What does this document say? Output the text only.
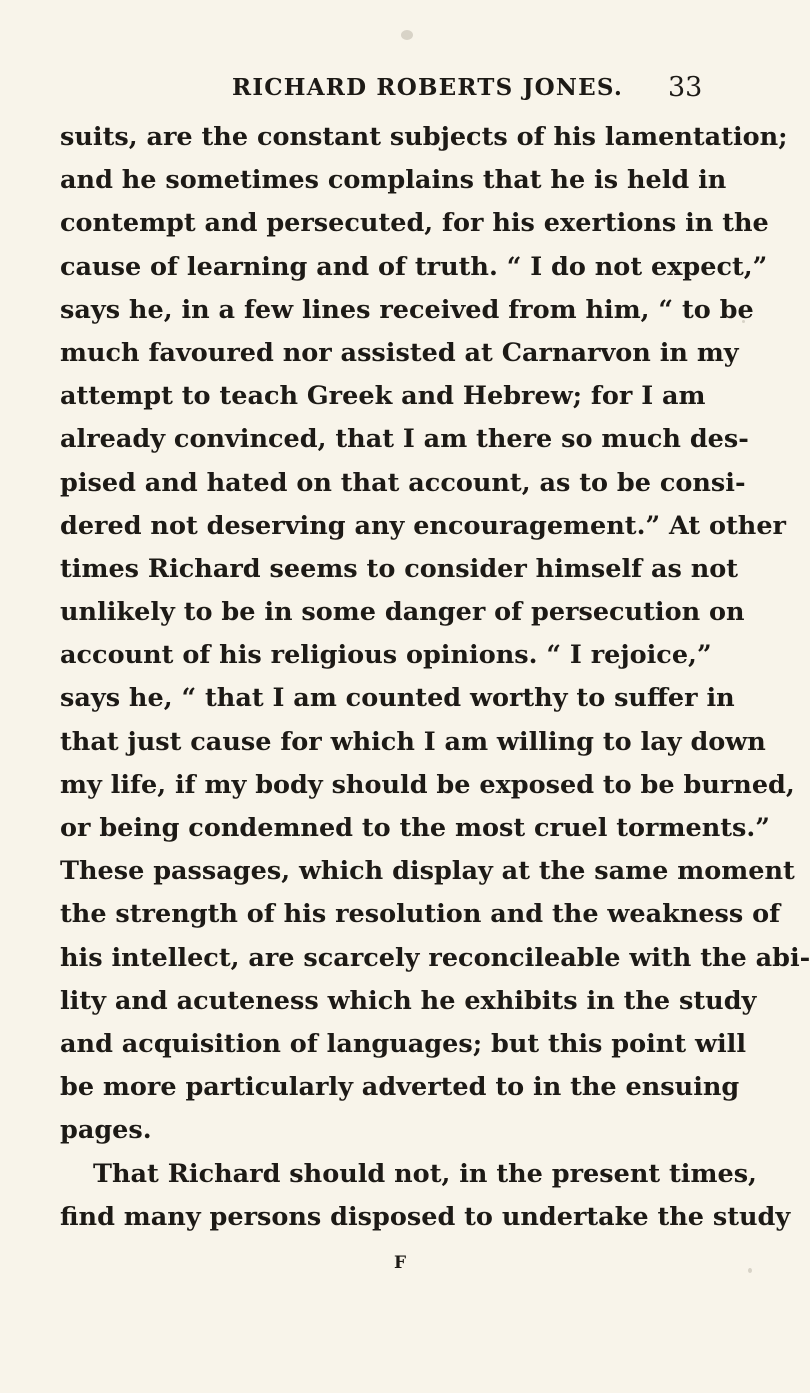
RICHARD ROBERTS JONES. 33
suits, are the constant subjects of his lamentation;
and he sometimes complains that he is held in
contempt and persecuted, for his exertions in the
cause of learning and of truth. “ I do not expect,”
says he, in a few lines received from him, “ to be
much favoured nor assisted at Carnarvon in my
attempt to teach Greek and Hebrew; for I am
already convinced, that I am there so much des-
pised and hated on that account, as to be consi-
dered not deserving any encouragement.” At other
times Richard seems to consider himself as not
unlikely to be in some danger of persecution on
account of his religious opinions. “ I rejoice,”
says he, “ that I am counted worthy to suffer in
that just cause for which I am willing to lay down
my life, if my body should be exposed to be burned,
or being condemned to the most cruel torments.”
These passages, which display at the same moment
the strength of his resolution and the weakness of
his intellect, are scarcely reconcileable with the abi-
lity and acuteness which he exhibits in the study
and acquisition of languages; but this point will
be more particularly adverted to in the ensuing
pages.
That Richard should not, in the present times,
find many persons disposed to undertake the study
F
